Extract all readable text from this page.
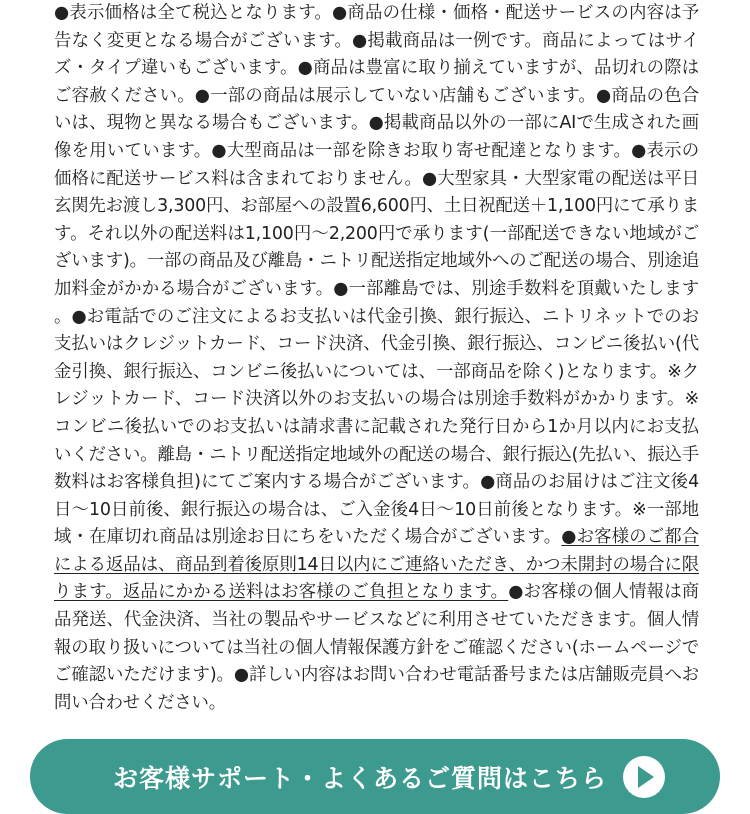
●表示価格は全て税込となります。●商品の仕様・価格・配送サービスの内容は予告なく変更となる場合がございます。●掲載商品は一例です。商品によってはサイズ・タイプ違いもございます。●商品は豊富に取り揃えていますが、品切れの際はご容赦ください。●一部の商品は展示していない店舗もございます。●商品の色合いは、現物と異なる場合もございます。●掲載商品以外の一部にAIで生成された画像を用いています。●大型商品は一部を除きお取り寄せ配達となります。●表示の価格に配送サービス料は含まれておりません。●大型家具・大型家電の配送は平日玄関先お渡し3,300円、お部屋への設置6,600円、土日祝配送＋1,100円にて承ります。それ以外の配送料は1,100円～2,200円で承ります(一部配送できない地域がございます)。一部の商品及び離島・ニトリ配送指定地域外へのご配送の場合、別途追加料金がかかる場合がございます。●一部離島では、別途手数料を頂戴いたします。●お電話でのご注文によるお支払いは代金引換、銀行振込、ニトリネットでのお支払いはクレジットカード、コード決済、代金引換、銀行振込、コンビニ後払い(代金引換、銀行振込、コンビニ後払いについては、一部商品を除く)となります。※クレジットカード、コード決済以外のお支払いの場合は別途手数料がかかります。※コンビニ後払いでのお支払いは請求書に記載された発行日から1か月以内にお支払いください。離島・ニトリ配送指定地域外の配送の場合、銀行振込(先払い、振込手数料はお客様負担)にてご案内する場合がございます。●商品のお届けはご注文後4日～10日前後、銀行振込の場合は、ご入金後4日～10日前後となります。※一部地域・在庫切れ商品は別途お日にちをいただく場合がございます。●お客様のご都合による返品は、商品到着後原則14日以内にご連絡いただき、かつ未開封の場合に限ります。返品にかかる送料はお客様のご負担となります。●お客様の個人情報は商品発送、代金決済、当社の製品やサービスなどに利用させていただきます。個人情報の取り扱いについては当社の個人情報保護方針をご確認ください(ホームページでご確認いただけます)。●詳しい内容はお問い合わせ電話番号または店舗販売員へお問い合わせください。
お客様サポート・よくあるご質問はこちら
